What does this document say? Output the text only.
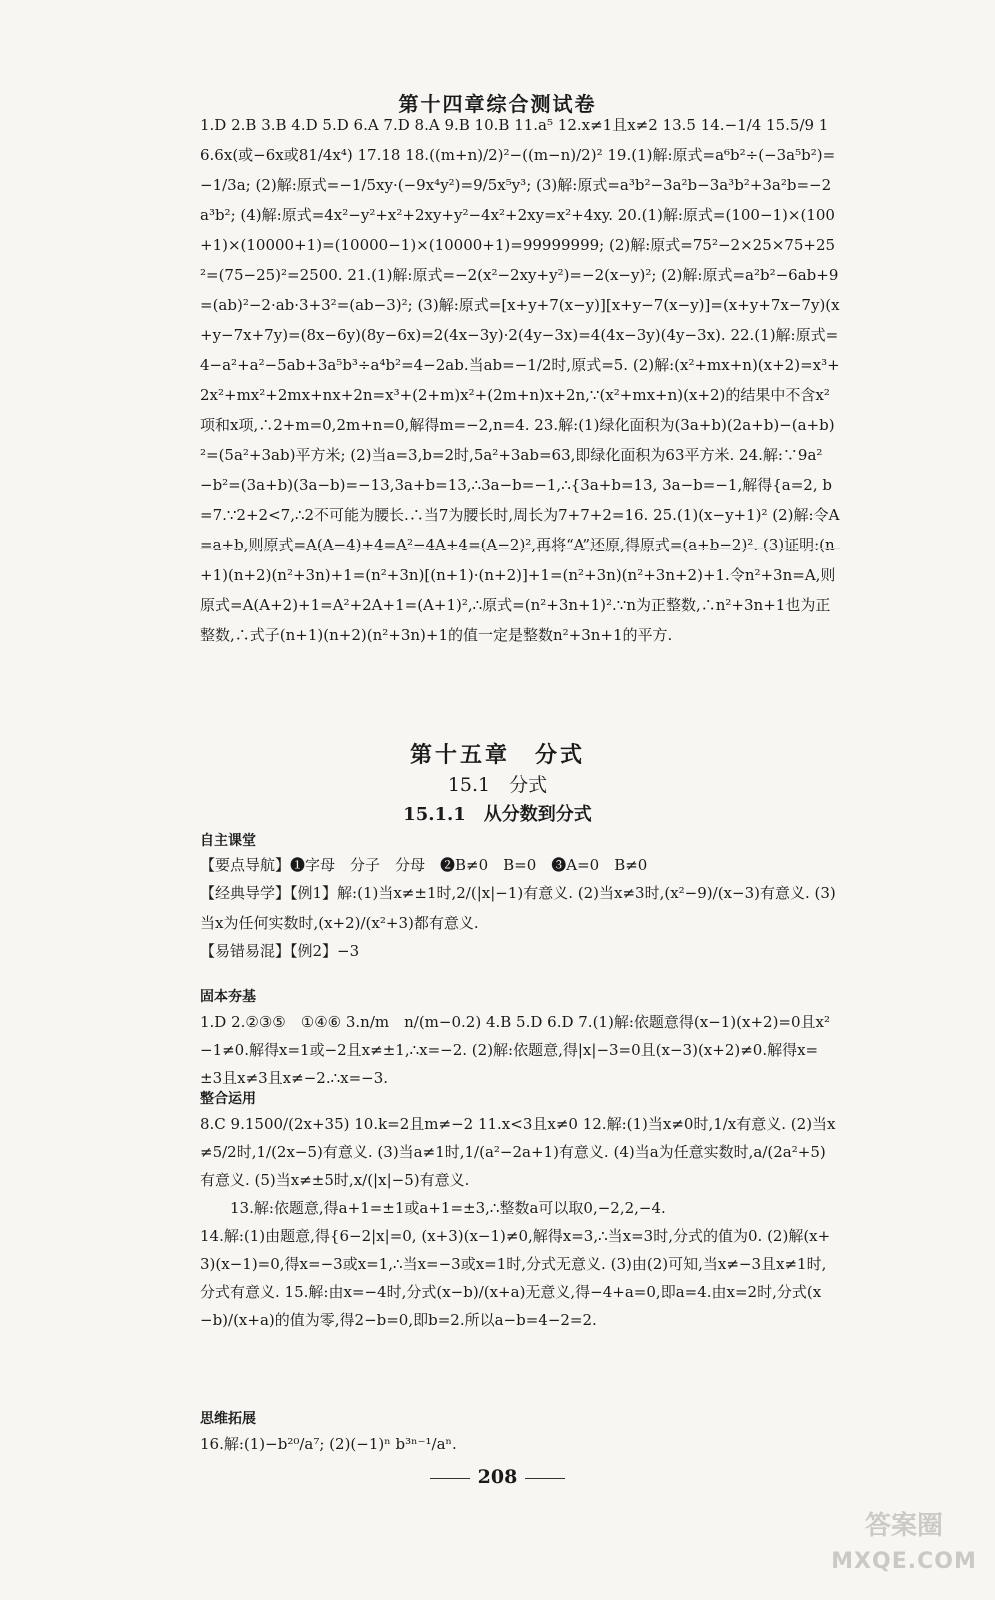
第十四章综合测试卷
1.D 2.B 3.B 4.D 5.D 6.A 7.D 8.A 9.B 10.B 11.a⁵ 12.x≠1且x≠2 13.5 14.−1/4 15.5/9 16.6x(或−6x或81/4x⁴) 17.18 18.((m+n)/2)²−((m−n)/2)² 19.(1)解:原式=a⁶b²÷(−3a⁵b²)=−1/3a; (2)解:原式=−1/5xy·(−9x⁴y²)=9/5x⁵y³; (3)解:原式=a³b²−3a²b−3a³b²+3a²b=−2a³b²; (4)解:原式=4x²−y²+x²+2xy+y²−4x²+2xy=x²+4xy. 20.(1)解:原式=(100−1)×(100+1)×(10000+1)=(10000−1)×(10000+1)=99999999; (2)解:原式=75²−2×25×75+25²=(75−25)²=2500. 21.(1)解:原式=−2(x²−2xy+y²)=−2(x−y)²; (2)解:原式=a²b²−6ab+9=(ab)²−2·ab·3+3²=(ab−3)²; (3)解:原式=[x+y+7(x−y)][x+y−7(x−y)]=(x+y+7x−7y)(x+y−7x+7y)=(8x−6y)(8y−6x)=2(4x−3y)·2(4y−3x)=4(4x−3y)(4y−3x). 22.(1)解:原式=4−a²+a²−5ab+3a⁵b³÷a⁴b²=4−2ab.当ab=−1/2时,原式=5. (2)解:(x²+mx+n)(x+2)=x³+2x²+mx²+2mx+nx+2n=x³+(2+m)x²+(2m+n)x+2n,∵(x²+mx+n)(x+2)的结果中不含x²项和x项,∴2+m=0,2m+n=0,解得m=−2,n=4. 23.解:(1)绿化面积为(3a+b)(2a+b)−(a+b)²=(5a²+3ab)平方米; (2)当a=3,b=2时,5a²+3ab=63,即绿化面积为63平方米. 24.解:∵9a²−b²=(3a+b)(3a−b)=−13,3a+b=13,∴3a−b=−1,∴{3a+b=13, 3a−b=−1,解得{a=2, b=7.∵2+2<7,∴2不可能为腰长.∴当7为腰长时,周长为7+7+2=16. 25.(1)(x−y+1)² (2)解:令A=a+b,则原式=A(A−4)+4=A²−4A+4=(A−2)²,再将“A”还原,得原式=(a+b−2)². (3)证明:(n+1)(n+2)(n²+3n)+1=(n²+3n)[(n+1)·(n+2)]+1=(n²+3n)(n²+3n+2)+1.令n²+3n=A,则原式=A(A+2)+1=A²+2A+1=(A+1)²,∴原式=(n²+3n+1)².∵n为正整数,∴n²+3n+1也为正整数,∴式子(n+1)(n+2)(n²+3n)+1的值一定是整数n²+3n+1的平方.
第十五章　分式
15.1　分式
15.1.1　从分数到分式
自主课堂
【要点导航】❶字母　分子　分母　❷B≠0　B=0　❸A=0　B≠0
【经典导学】【例1】解:(1)当x≠±1时,2/(|x|−1)有意义. (2)当x≠3时,(x²−9)/(x−3)有意义. (3)当x为任何实数时,(x+2)/(x²+3)都有意义.
【易错易混】【例2】−3
固本夯基
1.D 2.②③⑤　①④⑥ 3.n/m　n/(m−0.2) 4.B 5.D 6.D 7.(1)解:依题意得(x−1)(x+2)=0且x²−1≠0.解得x=1或−2且x≠±1,∴x=−2. (2)解:依题意,得|x|−3=0且(x−3)(x+2)≠0.解得x=±3且x≠3且x≠−2.∴x=−3.
整合运用
8.C 9.1500/(2x+35) 10.k=2且m≠−2 11.x<3且x≠0 12.解:(1)当x≠0时,1/x有意义. (2)当x≠5/2时,1/(2x−5)有意义. (3)当a≠1时,1/(a²−2a+1)有意义. (4)当a为任意实数时,a/(2a²+5)有意义. (5)当x≠±5时,x/(|x|−5)有意义.
13.解:依题意,得a+1=±1或a+1=±3,∴整数a可以取0,−2,2,−4.
14.解:(1)由题意,得{6−2|x|=0, (x+3)(x−1)≠0,解得x=3,∴当x=3时,分式的值为0. (2)解(x+3)(x−1)=0,得x=−3或x=1,∴当x=−3或x=1时,分式无意义. (3)由(2)可知,当x≠−3且x≠1时,分式有意义. 15.解:由x=−4时,分式(x−b)/(x+a)无意义,得−4+a=0,即a=4.由x=2时,分式(x−b)/(x+a)的值为零,得2−b=0,即b=2.所以a−b=4−2=2.
思维拓展
16.解:(1)−b²⁰/a⁷; (2)(−1)ⁿ b³ⁿ⁻¹/aⁿ.
208
答案圈
MXQE.COM
